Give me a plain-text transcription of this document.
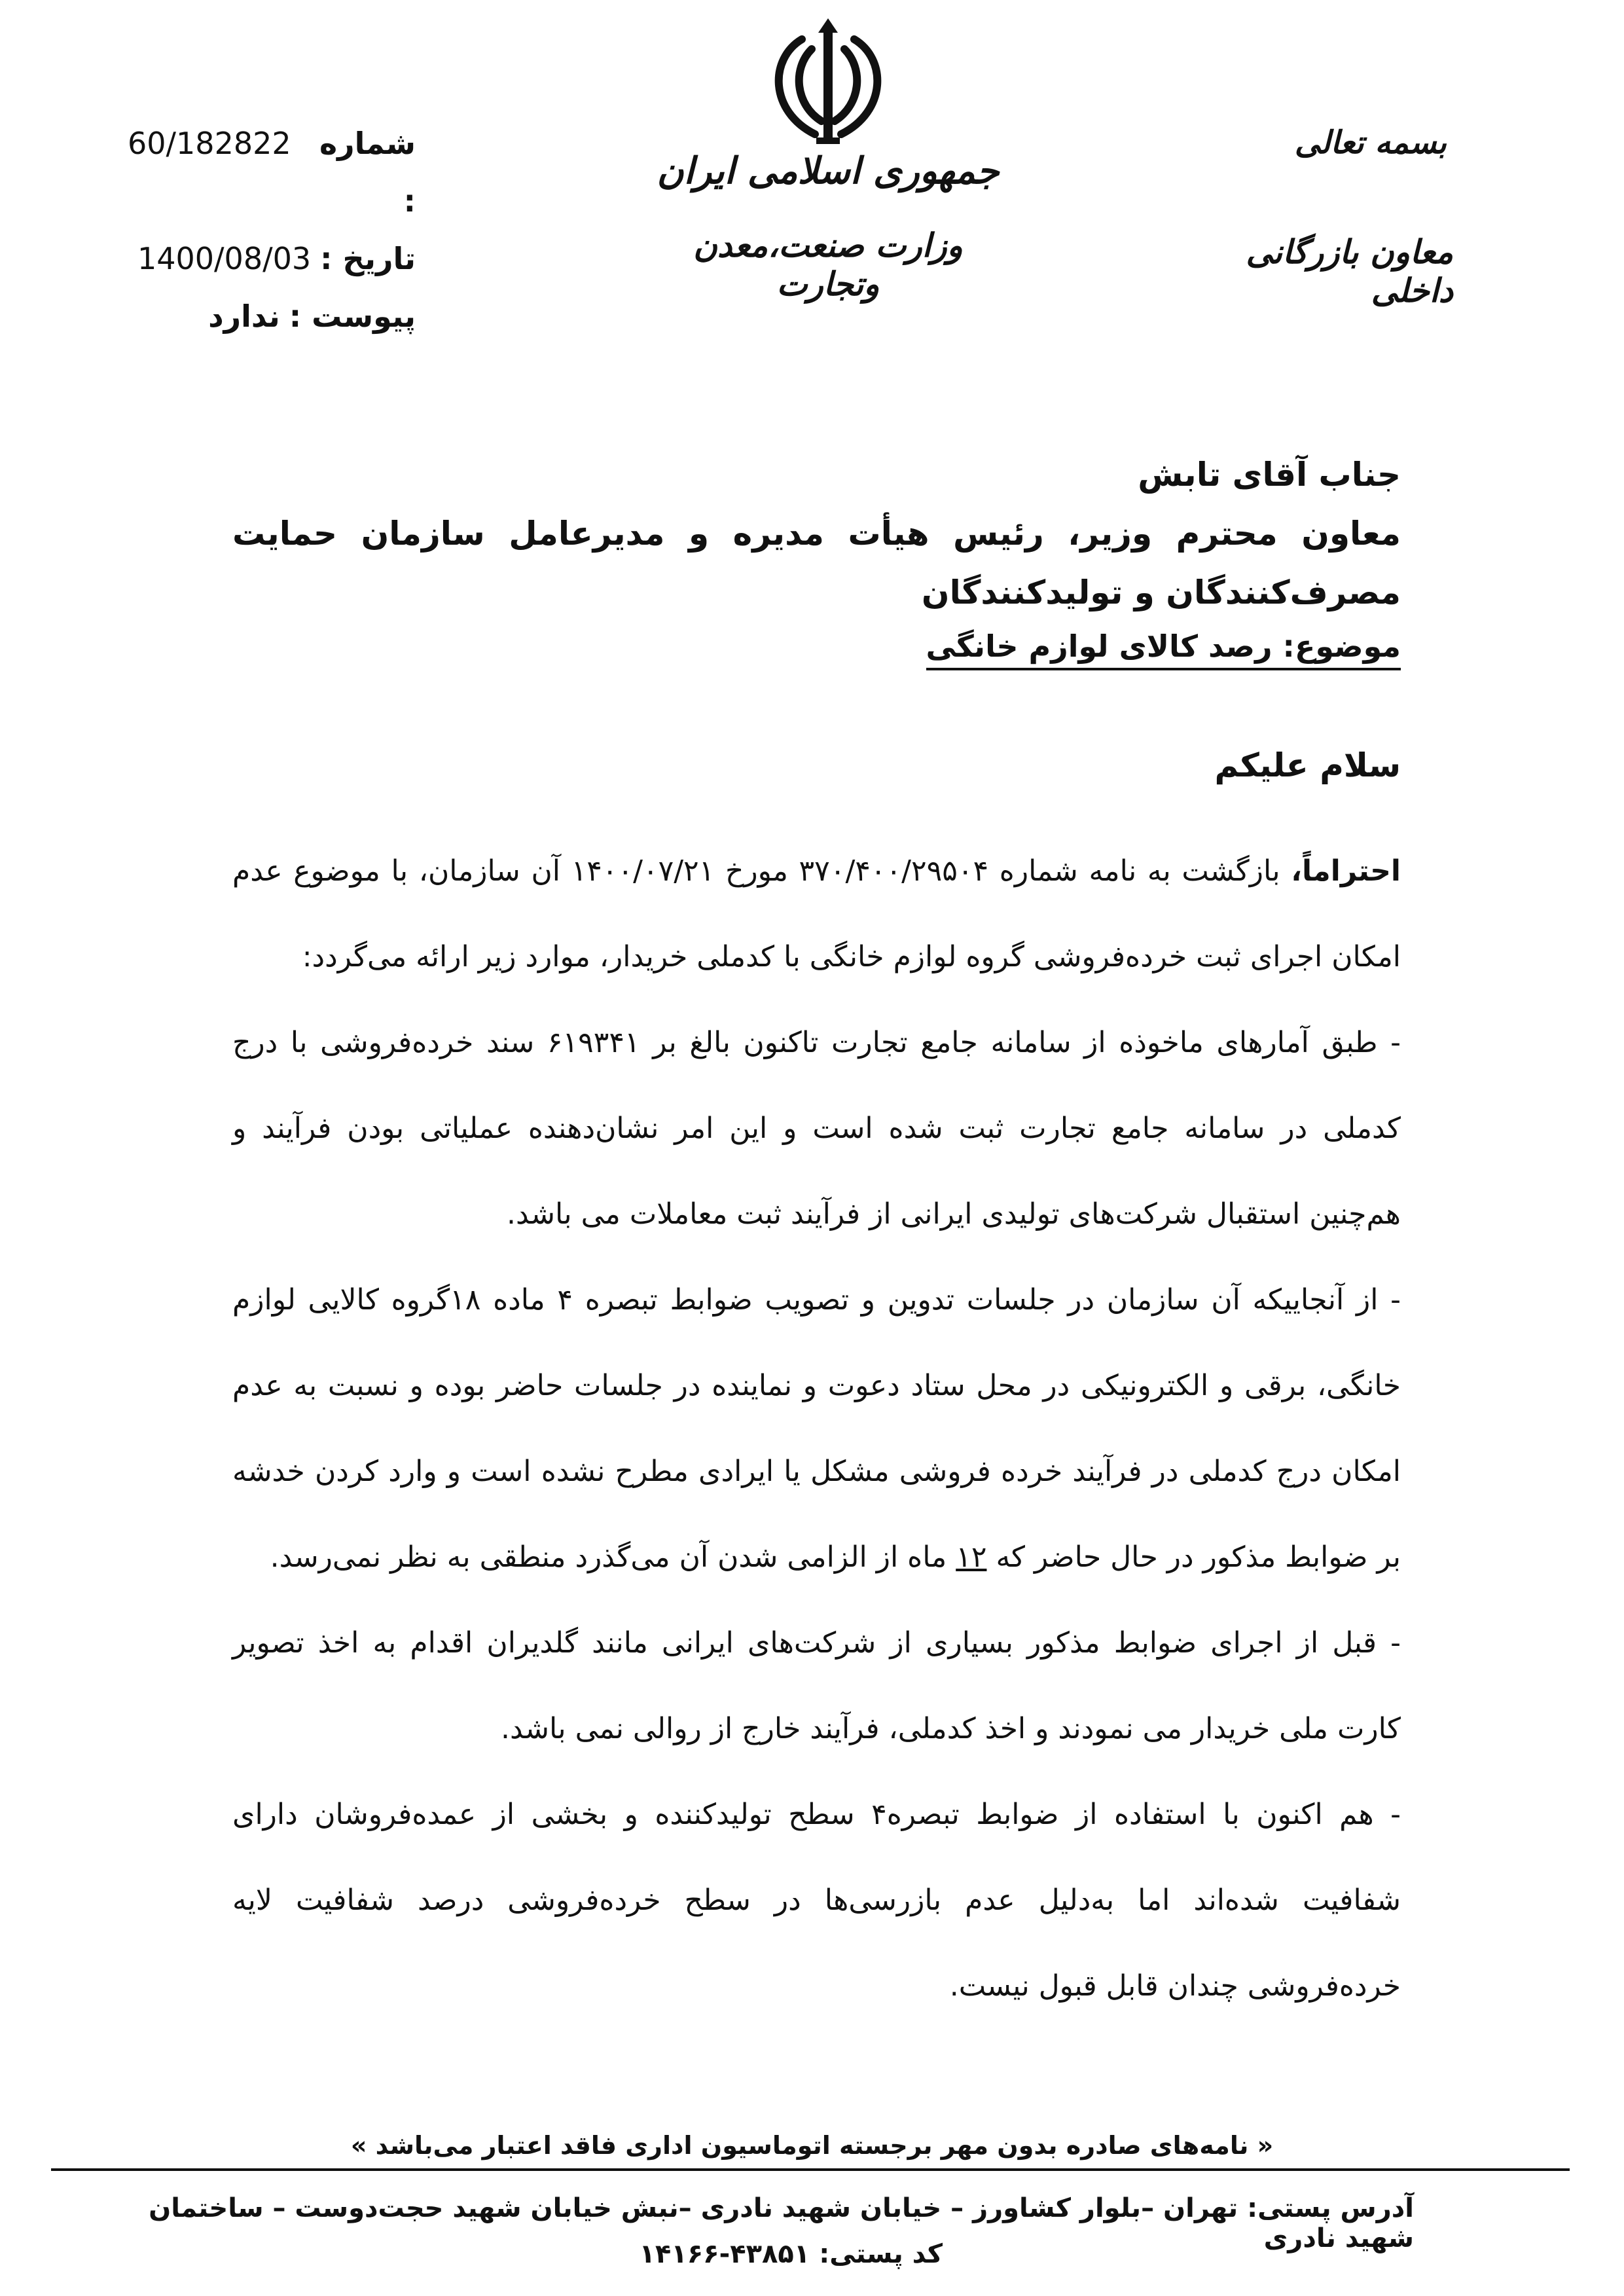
شماره :
60/182822
تاریخ :
1400/08/03
پیوست :
ندارد
جمهوری اسلامی ایران
وزارت صنعت،معدن وتجارت
بسمه تعالی
معاون بازرگانی داخلی

جناب آقای تابش

معاون محترم وزیر، رئیس هیأت مدیره و مدیرعامل سازمان حمایت مصرف‌کنندگان و تولیدکنندگان

موضوع: رصد کالای لوازم خانگی
سلام علیکم

احتراماً، بازگشت به نامه شماره ۳۷۰/۴۰۰/۲۹۵۰۴ مورخ ۱۴۰۰/۰۷/۲۱ آن سازمان، با موضوع عدم امکان اجرای ثبت خرده‌فروشی گروه لوازم خانگی با کدملی خریدار، موارد زیر ارائه می‌گردد:

- طبق آمارهای ماخوذه از سامانه جامع تجارت تاکنون بالغ بر ۶۱۹۳۴۱ سند خرده‌فروشی با درج کدملی در سامانه جامع تجارت ثبت شده است و این امر نشان‌دهنده عملیاتی بودن فرآیند و هم‌چنین استقبال شرکت‌های تولیدی ایرانی از فرآیند ثبت معاملات می باشد.

- از آنجاییکه آن سازمان در جلسات تدوین و تصویب ضوابط تبصره ۴ ماده ۱۸گروه کالایی لوازم خانگی، برقی و الکترونیکی در محل ستاد دعوت و نماینده در جلسات حاضر بوده و نسبت به عدم امکان درج کدملی در فرآیند خرده فروشی مشکل یا ایرادی مطرح نشده است و وارد کردن خدشه بر ضوابط مذکور در حال حاضر که ۱۲ ماه از الزامی شدن آن می‌گذرد منطقی به نظر نمی‌رسد.

- قبل از اجرای ضوابط مذکور بسیاری از شرکت‌های ایرانی مانند گلدیران اقدام به اخذ تصویر کارت ملی خریدار می نمودند و اخذ کدملی، فرآیند خارج از روالی نمی باشد.

- هم اکنون با استفاده از ضوابط تبصره۴ سطح تولیدکننده و بخشی از عمده‌فروشان دارای شفافیت شده‌اند اما به‌دلیل عدم بازرسی‌ها در سطح خرده‌فروشی درصد شفافیت لایه خرده‌فروشی چندان قابل قبول نیست.

« نامه‌های صادره بدون مهر برجسته اتوماسیون اداری فاقد اعتبار می‌باشد »
آدرس پستی: تهران –بلوار کشاورز – خیابان شهید نادری –نبش خیابان شهید حجت‌دوست – ساختمان شهید نادری
کد پستی: ۴۳۸۵۱-۱۴۱۶۶
